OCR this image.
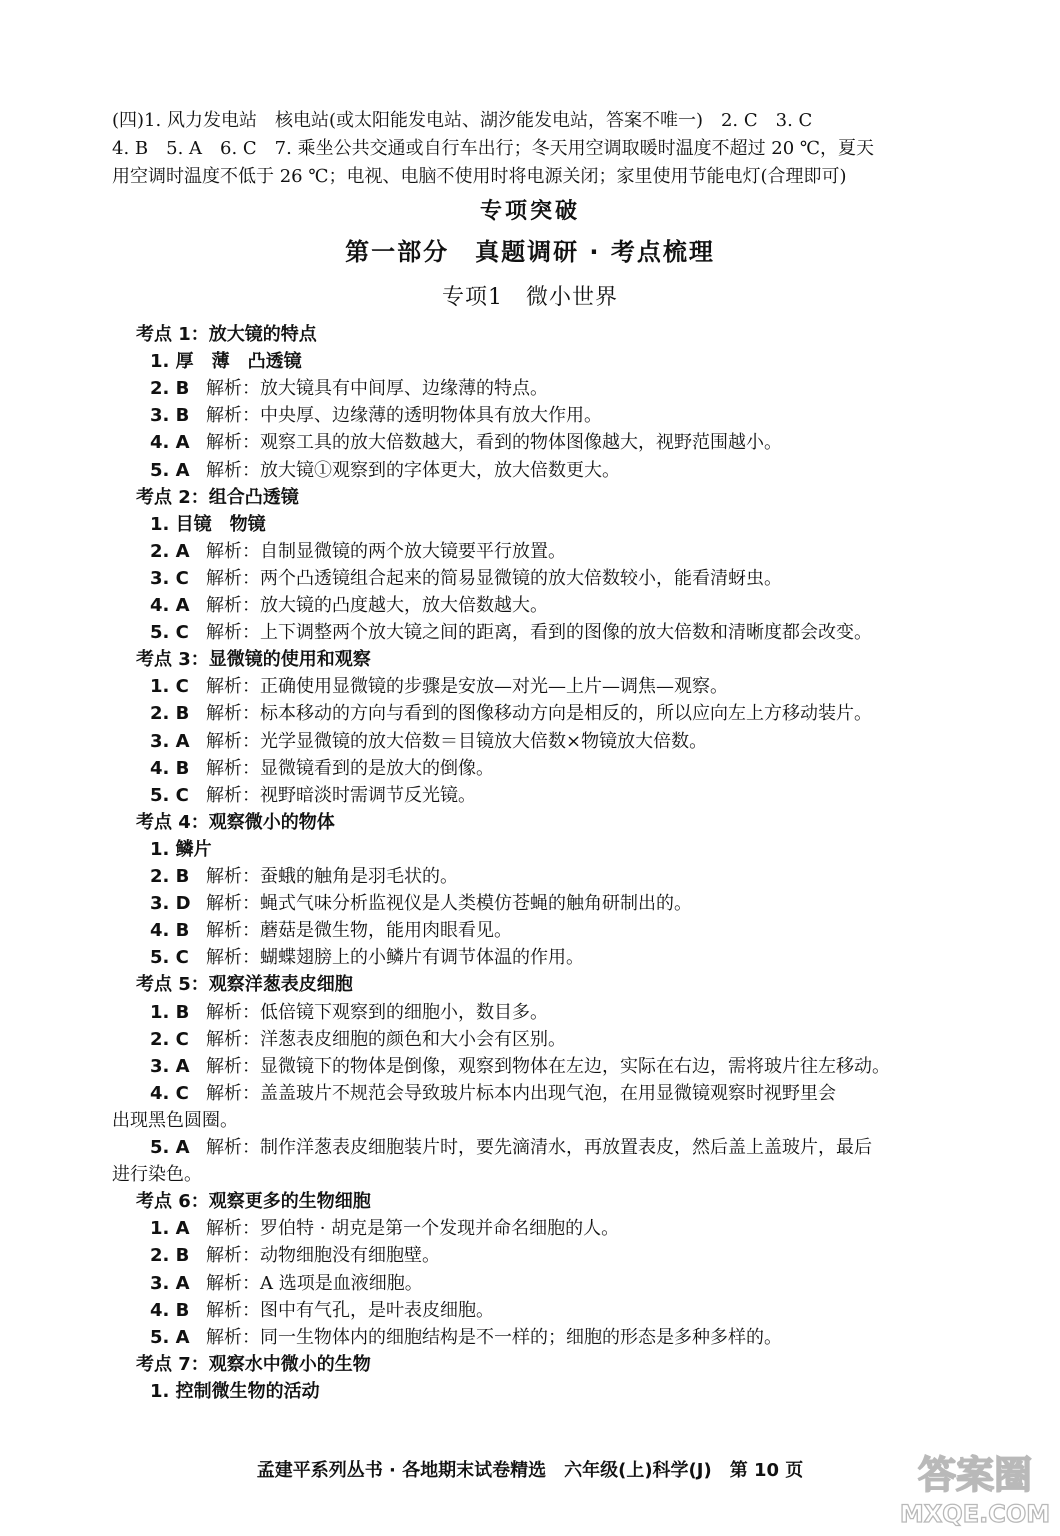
(四)1. 风力发电站　核电站(或太阳能发电站、湖汐能发电站，答案不唯一)　2. C　3. C
4. B　5. A　6. C　7. 乘坐公共交通或自行车出行；冬天用空调取暖时温度不超过 20 ℃，夏天
用空调时温度不低于 26 ℃；电视、电脑不使用时将电源关闭；家里使用节能电灯(合理即可)
专项突破
第一部分　真题调研 · 考点梳理
专项1　微小世界
考点 1：放大镜的特点
1. 厚　薄　凸透镜
2. B 解析：放大镜具有中间厚、边缘薄的特点。
3. B 解析：中央厚、边缘薄的透明物体具有放大作用。
4. A 解析：观察工具的放大倍数越大，看到的物体图像越大，视野范围越小。
5. A 解析：放大镜①观察到的字体更大，放大倍数更大。
考点 2：组合凸透镜
1. 目镜　物镜
2. A 解析：自制显微镜的两个放大镜要平行放置。
3. C 解析：两个凸透镜组合起来的简易显微镜的放大倍数较小，能看清蚜虫。
4. A 解析：放大镜的凸度越大，放大倍数越大。
5. C 解析：上下调整两个放大镜之间的距离，看到的图像的放大倍数和清晰度都会改变。
考点 3：显微镜的使用和观察
1. C 解析：正确使用显微镜的步骤是安放—对光—上片—调焦—观察。
2. B 解析：标本移动的方向与看到的图像移动方向是相反的，所以应向左上方移动装片。
3. A 解析：光学显微镜的放大倍数＝目镜放大倍数×物镜放大倍数。
4. B 解析：显微镜看到的是放大的倒像。
5. C 解析：视野暗淡时需调节反光镜。
考点 4：观察微小的物体
1. 鳞片
2. B 解析：蚕蛾的触角是羽毛状的。
3. D 解析：蝇式气味分析监视仪是人类模仿苍蝇的触角研制出的。
4. B 解析：蘑菇是微生物，能用肉眼看见。
5. C 解析：蝴蝶翅膀上的小鳞片有调节体温的作用。
考点 5：观察洋葱表皮细胞
1. B 解析：低倍镜下观察到的细胞小，数目多。
2. C 解析：洋葱表皮细胞的颜色和大小会有区别。
3. A 解析：显微镜下的物体是倒像，观察到物体在左边，实际在右边，需将玻片往左移动。
4. C 解析：盖盖玻片不规范会导致玻片标本内出现气泡，在用显微镜观察时视野里会
出现黑色圆圈。
5. A 解析：制作洋葱表皮细胞装片时，要先滴清水，再放置表皮，然后盖上盖玻片，最后
进行染色。
考点 6：观察更多的生物细胞
1. A 解析：罗伯特 · 胡克是第一个发现并命名细胞的人。
2. B 解析：动物细胞没有细胞壁。
3. A 解析：A 选项是血液细胞。
4. B 解析：图中有气孔，是叶表皮细胞。
5. A 解析：同一生物体内的细胞结构是不一样的；细胞的形态是多种多样的。
考点 7：观察水中微小的生物
1. 控制微生物的活动
孟建平系列丛书 · 各地期末试卷精选　六年级(上)科学(J)　第 10 页	答案圈
MXQE.COM
